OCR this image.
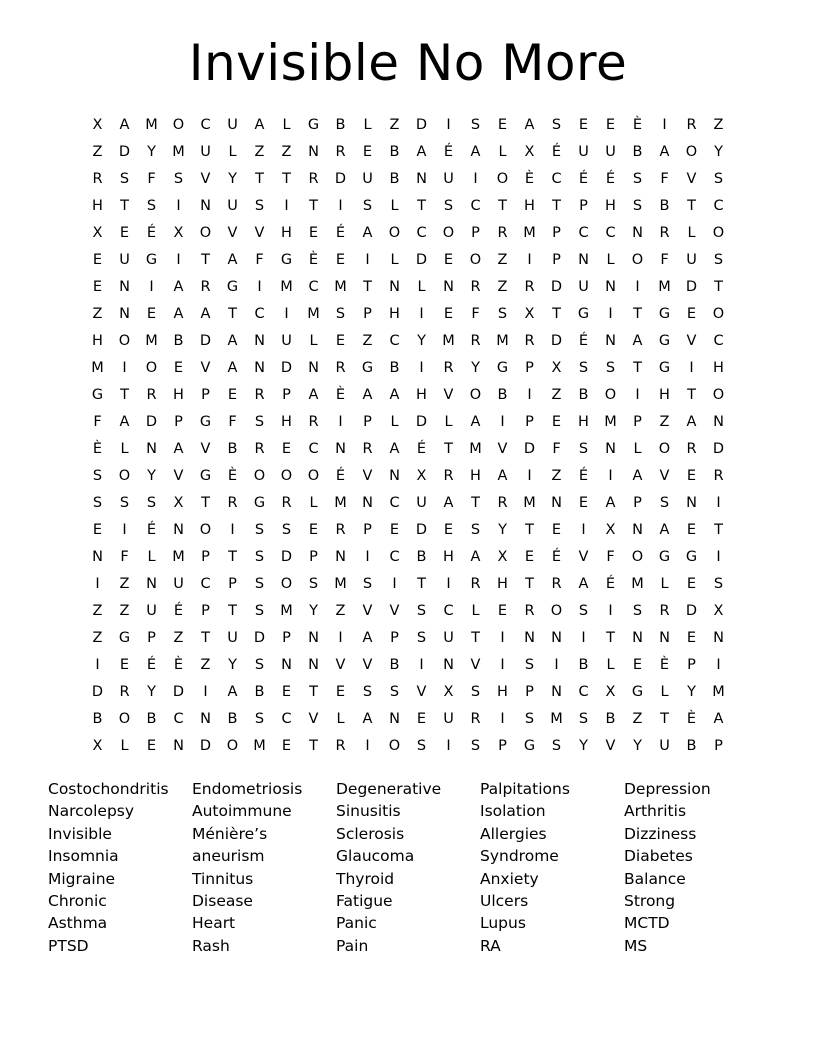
Invisible No More
X	A	M	O	C	U	A	L	G	B	L	Z	D	I	S	E	A	S	E	E	È	I	R	Z
Z	D	Y	M	U	L	Z	Z	N	R	E	B	A	É	A	L	X	É	U	U	B	A	O	Y
R	S	F	S	V	Y	T	T	R	D	U	B	N	U	I	O	È	C	É	É	S	F	V	S
H	T	S	I	N	U	S	I	T	I	S	L	T	S	C	T	H	T	P	H	S	B	T	C
X	E	É	X	O	V	V	H	E	É	A	O	C	O	P	R	M	P	C	C	N	R	L	O
E	U	G	I	T	A	F	G	È	E	I	L	D	E	O	Z	I	P	N	L	O	F	U	S
E	N	I	A	R	G	I	M	C	M	T	N	L	N	R	Z	R	D	U	N	I	M	D	T
Z	N	E	A	A	T	C	I	M	S	P	H	I	E	F	S	X	T	G	I	T	G	E	O
H	O	M	B	D	A	N	U	L	E	Z	C	Y	M	R	M	R	D	É	N	A	G	V	C
M	I	O	E	V	A	N	D	N	R	G	B	I	R	Y	G	P	X	S	S	T	G	I	H
G	T	R	H	P	E	R	P	A	È	A	A	H	V	O	B	I	Z	B	O	I	H	T	O
F	A	D	P	G	F	S	H	R	I	P	L	D	L	A	I	P	E	H	M	P	Z	A	N
È	L	N	A	V	B	R	E	C	N	R	A	É	T	M	V	D	F	S	N	L	O	R	D
S	O	Y	V	G	È	O	O	O	É	V	N	X	R	H	A	I	Z	É	I	A	V	E	R
S	S	S	X	T	R	G	R	L	M	N	C	U	A	T	R	M	N	E	A	P	S	N	I
E	I	É	N	O	I	S	S	E	R	P	E	D	E	S	Y	T	E	I	X	N	A	E	T
N	F	L	M	P	T	S	D	P	N	I	C	B	H	A	X	E	É	V	F	O	G	G	I
I	Z	N	U	C	P	S	O	S	M	S	I	T	I	R	H	T	R	A	É	M	L	E	S
Z	Z	U	É	P	T	S	M	Y	Z	V	V	S	C	L	E	R	O	S	I	S	R	D	X
Z	G	P	Z	T	U	D	P	N	I	A	P	S	U	T	I	N	N	I	T	N	N	E	N
I	E	É	È	Z	Y	S	N	N	V	V	B	I	N	V	I	S	I	B	L	E	È	P	I
D	R	Y	D	I	A	B	E	T	E	S	S	V	X	S	H	P	N	C	X	G	L	Y	M
B	O	B	C	N	B	S	C	V	L	A	N	E	U	R	I	S	M	S	B	Z	T	È	A
X	L	E	N	D	O	M	E	T	R	I	O	S	I	S	P	G	S	Y	V	Y	U	B	P
Costochondritis
Narcolepsy
Invisible
Insomnia
Migraine
Chronic
Asthma
PTSD
Endometriosis
Autoimmune
Ménière’s
aneurism
Tinnitus
Disease
Heart
Rash
Degenerative
Sinusitis
Sclerosis
Glaucoma
Thyroid
Fatigue
Panic
Pain
Palpitations
Isolation
Allergies
Syndrome
Anxiety
Ulcers
Lupus
RA
Depression
Arthritis
Dizziness
Diabetes
Balance
Strong
MCTD
MS
